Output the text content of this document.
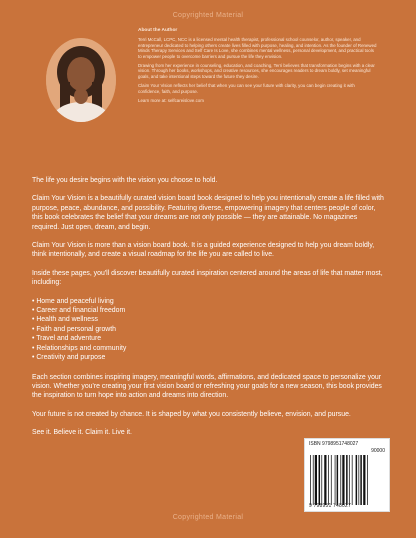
Copyrighted Material

About the Author

Terri McCall, LCPC, NCC is a licensed mental health therapist, professional school counselor, author, speaker, and entrepreneur dedicated to helping others create lives filled with purpose, healing, and intention. As the founder of Renewed Minds Therapy Services and Self Care Is Love, she combines mental wellness, personal development, and practical tools to empower people to overcome barriers and pursue the life they envision.

Drawing from her experience in counseling, education, and coaching, Terri believes that transformation begins with a clear vision. Through her books, workshops, and creative resources, she encourages readers to dream boldly, set meaningful goals, and take intentional steps toward the future they desire.

Claim Your Vision reflects her belief that when you can see your future with clarity, you can begin creating it with confidence, faith, and purpose.

Learn more at: selfcareislove.com

The life you desire begins with the vision you choose to hold.

Claim Your Vision is a beautifully curated vision board book designed to help you intentionally create a life filled with purpose, peace, abundance, and possibility. Featuring diverse, empowering imagery that centers people of color, this book celebrates the belief that your dreams are not only possible — they are attainable. No magazines required. Just open, dream, and begin.

Claim Your Vision is more than a vision board book. It is a guided experience designed to help you dream boldly, think intentionally, and create a visual roadmap for the life you are called to live.

Inside these pages, you'll discover beautifully curated inspiration centered around the areas of life that matter most, including:

• Home and peaceful living
• Career and financial freedom
• Health and wellness
• Faith and personal growth
• Travel and adventure
• Relationships and community
• Creativity and purpose

Each section combines inspiring imagery, meaningful words, affirmations, and dedicated space to personalize your vision. Whether you're creating your first vision board or refreshing your goals for a new season, this book provides the inspiration to turn hope into action and dreams into direction.

Your future is not created by chance. It is shaped by what you consistently believe, envision, and pursue.

See it. Believe it. Claim it. Live it.

ISBN 9798951748027
90000
9 798951 748027
Copyrighted Material
